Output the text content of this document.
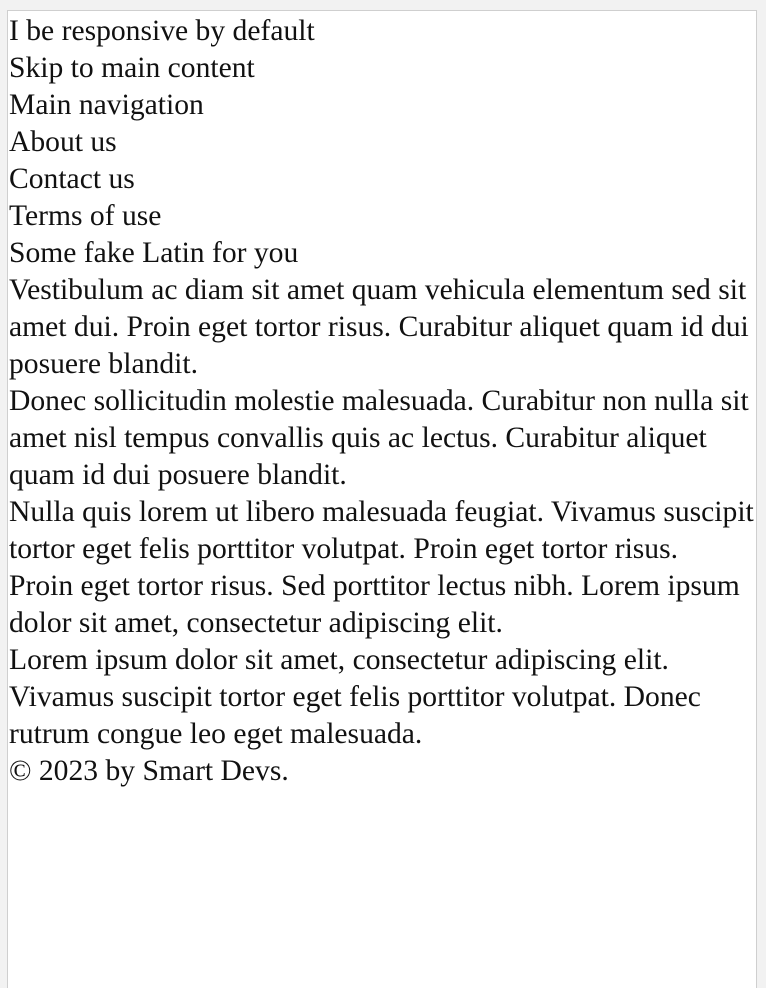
I be responsive by default
Skip to main content
Main navigation
About us
Contact us
Terms of use
Some fake Latin for you

Vestibulum ac diam sit amet quam vehicula elementum sed sit amet dui. Proin eget tortor risus. Curabitur aliquet quam id dui posuere blandit.

Donec sollicitudin molestie malesuada. Curabitur non nulla sit amet nisl tempus convallis quis ac lectus. Curabitur aliquet quam id dui posuere blandit.

Nulla quis lorem ut libero malesuada feugiat. Vivamus suscipit tortor eget felis porttitor volutpat. Proin eget tortor risus.

Proin eget tortor risus. Sed porttitor lectus nibh. Lorem ipsum dolor sit amet, consectetur adipiscing elit.

Lorem ipsum dolor sit amet, consectetur adipiscing elit. Vivamus suscipit tortor eget felis porttitor volutpat. Donec rutrum congue leo eget malesuada.

© 2023 by Smart Devs.
